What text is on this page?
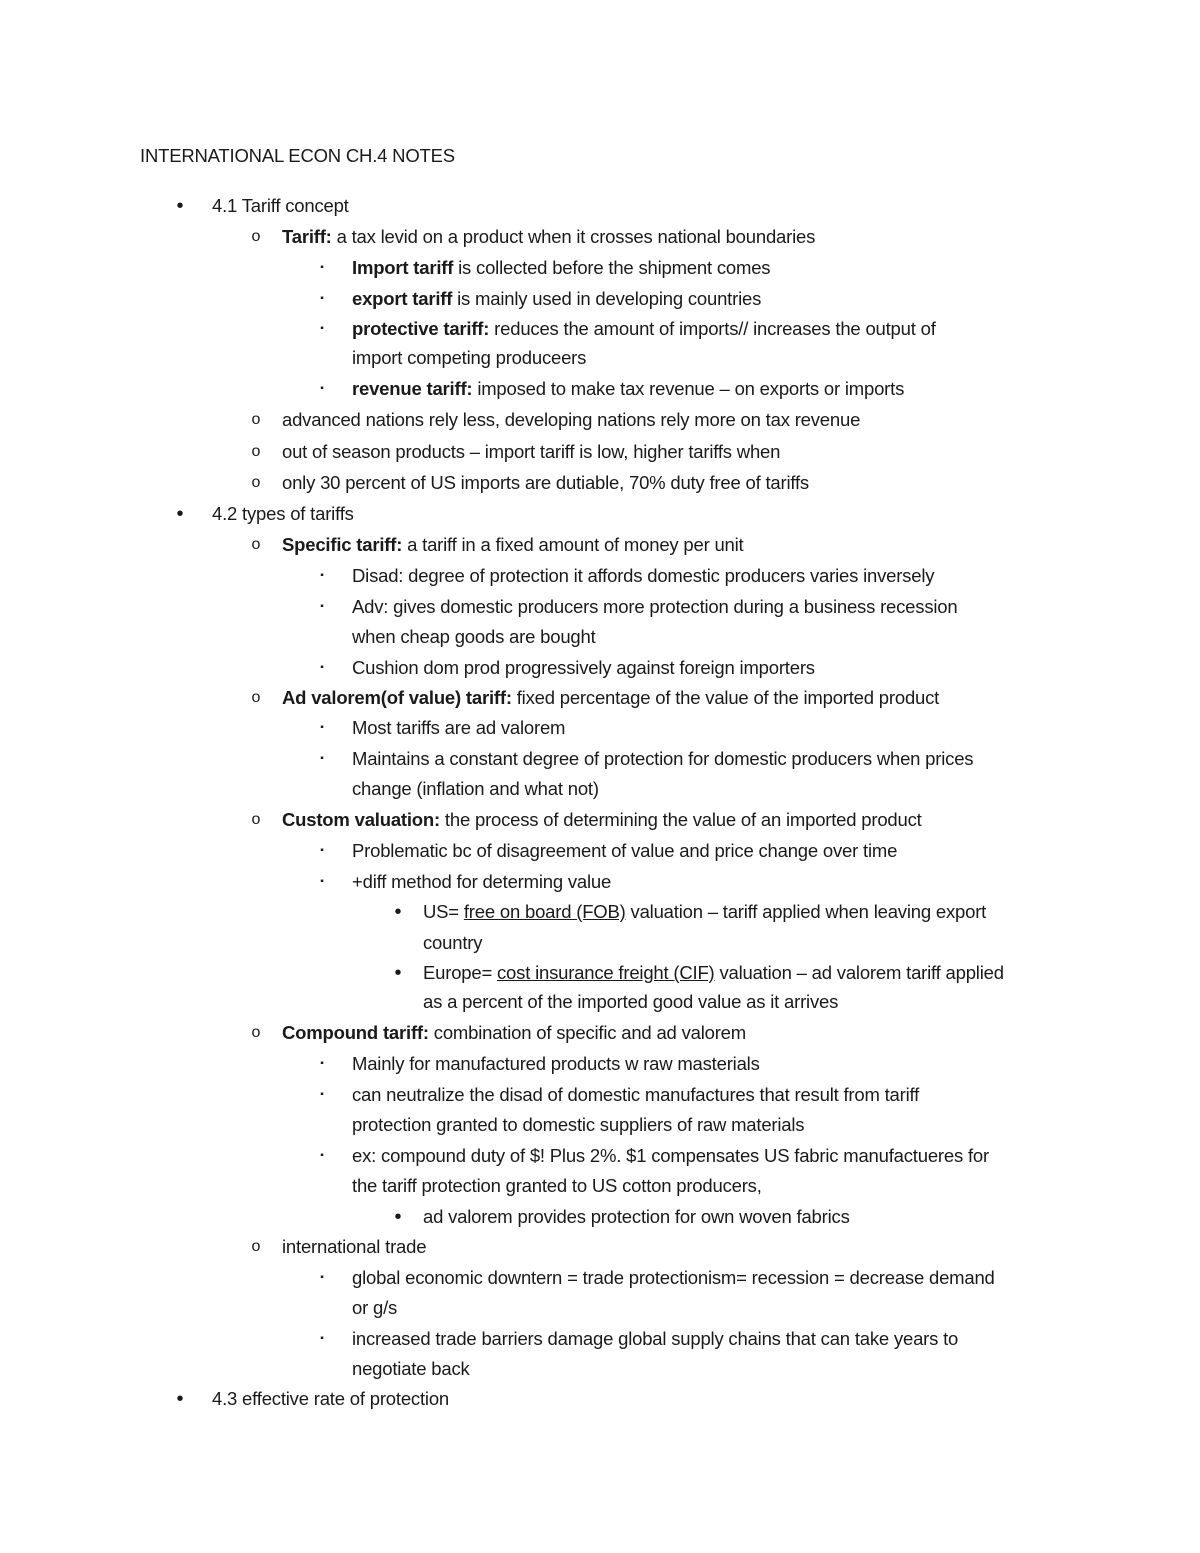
INTERNATIONAL ECON CH.4 NOTES
•	4.1 Tariff concept
o Tariff: a tax levid on a product when it crosses national boundaries
▪	Import tariff is collected before the shipment comes
▪	export tariff is mainly used in developing countries
▪	protective tariff: reduces the amount of imports// increases the output of
import competing produceers
▪	revenue tariff: imposed to make tax revenue – on exports or imports
o advanced nations rely less, developing nations rely more on tax revenue
o out of season products – import tariff is low, higher tariffs when
o only 30 percent of US imports are dutiable, 70% duty free of tariffs
•	4.2 types of tariffs
o Specific tariff: a tariff in a fixed amount of money per unit
▪	Disad: degree of protection it affords domestic producers varies inversely
▪	Adv: gives domestic producers more protection during a business recession
when cheap goods are bought
▪	Cushion dom prod progressively against foreign importers
o Ad valorem(of value) tariff: fixed percentage of the value of the imported product
▪	Most tariffs are ad valorem
▪	Maintains a constant degree of protection for domestic producers when prices
change (inflation and what not)
o Custom valuation: the process of determining the value of an imported product
▪	Problematic bc of disagreement of value and price change over time
▪	+diff method for determing value
•	US= free on board (FOB) valuation – tariff applied when leaving export
country
•	Europe= cost insurance freight (CIF) valuation – ad valorem tariff applied
as a percent of the imported good value as it arrives
o Compound tariff: combination of specific and ad valorem
▪	Mainly for manufactured products w raw masterials
▪	can neutralize the disad of domestic manufactures that result from tariff
protection granted to domestic suppliers of raw materials
▪	ex: compound duty of $! Plus 2%. $1 compensates US fabric manufactueres for
the tariff protection granted to US cotton producers,
•	ad valorem provides protection for own woven fabrics
o international trade
▪	global economic downtern = trade protectionism= recession = decrease demand
or g/s
▪	increased trade barriers damage global supply chains that can take years to
negotiate back
•	4.3 effective rate of protection
